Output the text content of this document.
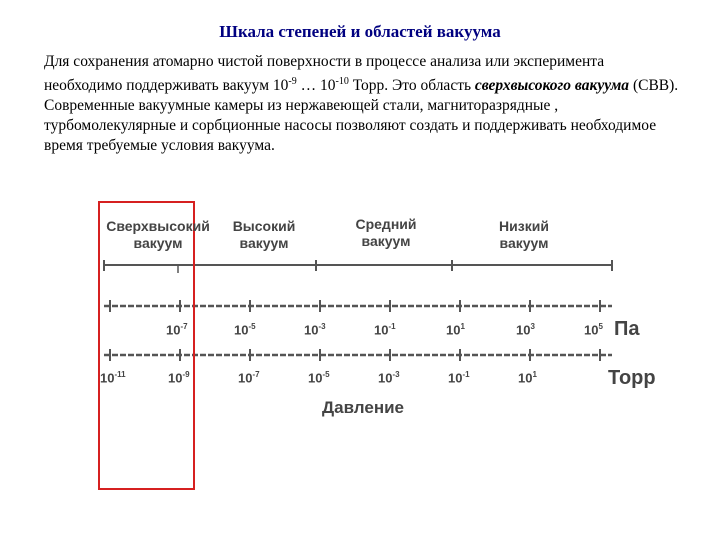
Шкала степеней и областей вакуума
Для сохранения атомарно чистой поверхности в процессе анализа или эксперимента необходимо поддерживать вакуум $10^{-9}$ … $10^{-10}$ Торр. Это область сверхвысокого вакуума (СВВ). Современные вакуумные камеры из нержавеющей стали, магниторазрядные , турбомолекулярные и сорбционные насосы позволяют создать и поддерживать необходимое время требуемые условия вакуума.
Сверхвысокий
вакуум
Высокий
вакуум
Средний
вакуум
Низкий
вакуум
$10^{-7}$	$10^{-5}$	$10^{-3}$	$10^{-1}$	$10^1$	$10^3$	$10^5$ Па
$10^{-11}$	$10^{-9}$	$10^{-7}$	$10^{-5}$	$10^{-3}$	$10^{-1}$	$10^1$	Торр
Давление
